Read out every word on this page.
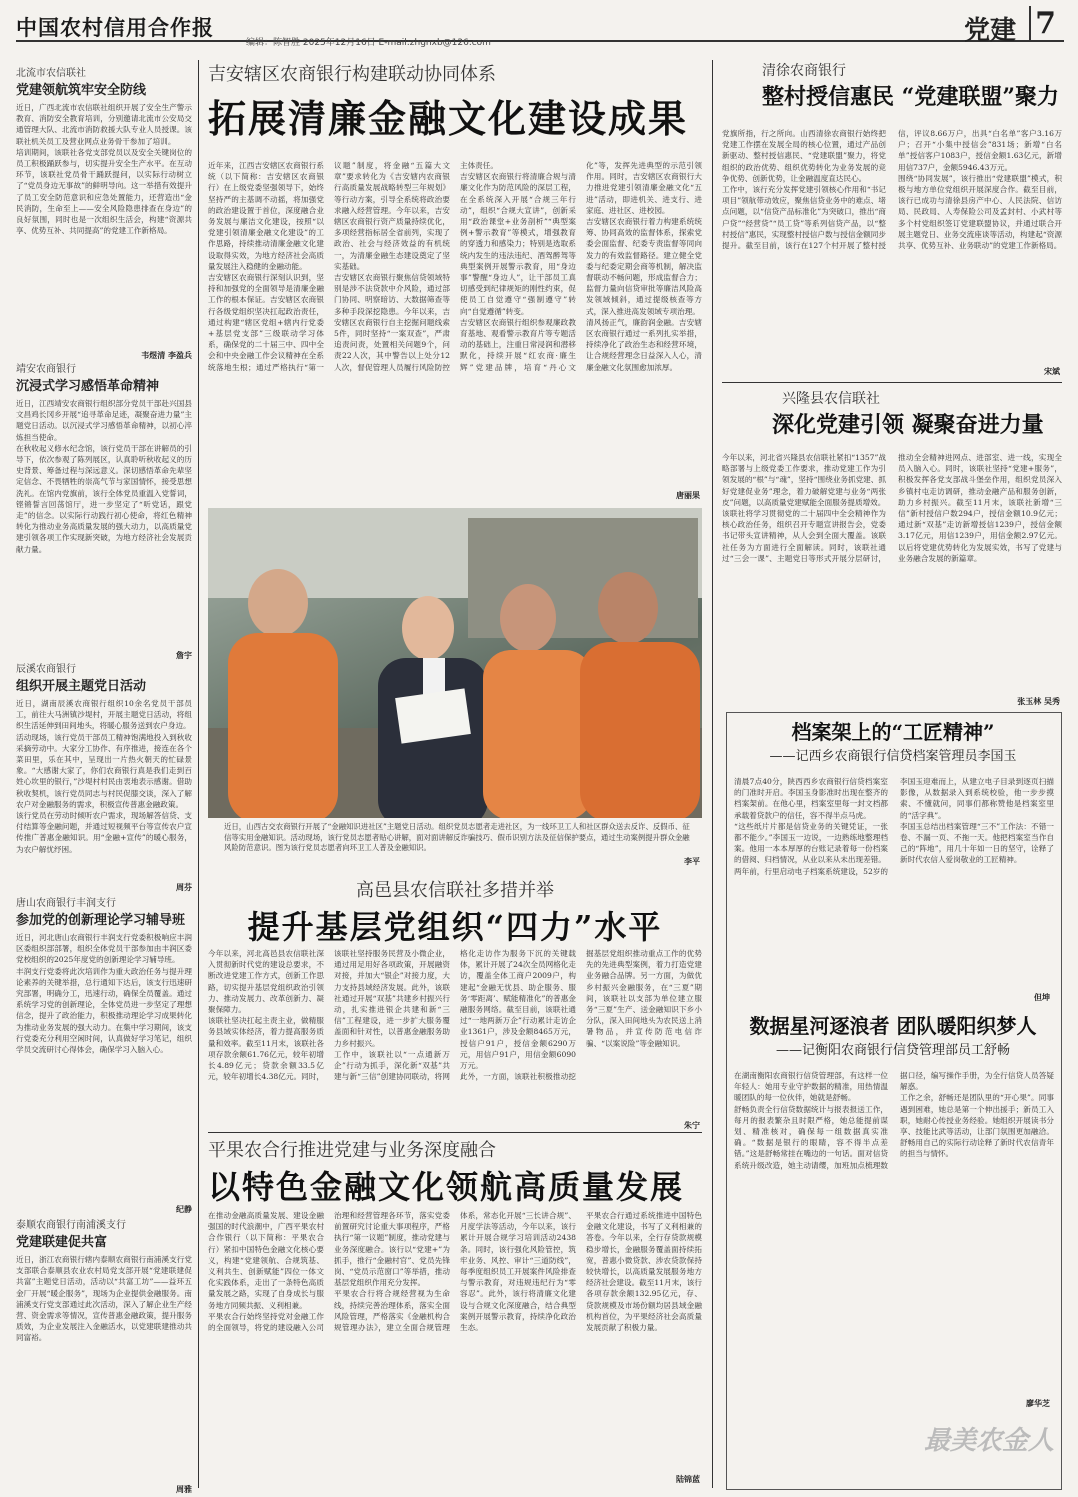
中国农村信用合作报
编辑：陈智胜 2025年12月16日 E-mail:zhgnxb@126.com	党建 7
北流市农信联社
党建领航筑牢安全防线
近日，广西北流市农信联社组织开展了安全生产警示教育、消防安全教育培训，分别邀请北流市公安局交通管理大队、北流市消防救援大队专业人员授课。该联社机关员工及营业网点业务骨干参加了培训。
培训期间，该联社各党支部党员以及安全关键岗位的员工积极踊跃参与，切实提升安全生产水平。在互动环节，该联社党员骨干踊跃提问，以实际行动树立了“党员身边无事故”的鲜明导向。这一举措有效提升了员工安全防范意识和应急处置能力，还营造出“金民消防，生命至上——安全风险隐患排查在身边”的良好氛围，同时也是一次组织生活会，构建“资源共享、优势互补、共同提高”的党建工作新格局。
韦煜清 李盈兵
靖安农商银行
沉浸式学习感悟革命精神
近日，江西靖安农商银行组织部分党员干部赴兴国县文昌鸡长冈乡开展“追寻革命足迹，凝聚奋进力量”主题党日活动。以沉浸式学习感悟革命精神，以初心淬炼担当使命。
在秋收起义修水纪念馆，该行党员干部在讲解员的引导下，依次参观了陈列展区，认真聆听秋收起义的历史背景、筹备过程与深远意义。深切感悟革命先辈坚定信念、不畏牺牲的崇高气节与家国情怀，接受思想洗礼。在馆内党旗前，该行全体党员重温入党誓词，铿锵誓言回荡馆厅，进一步坚定了“听党话，跟党走”的信念。以实际行动践行初心使命，将红色精神转化为推动业务高质量发展的强大动力，以高质量党建引领各项工作实现新突破，为地方经济社会发展贡献力量。
詹宇
辰溪农商银行
组织开展主题党日活动
近日，湖南辰溪农商银行组织10余名党员干部员工，前往大马洲镇沙堤村，开展主题党日活动，将组织生活延伸到田间地头，将暖心服务送到农户身边。
活动现场，该行党员干部员工精神饱满地投入到秋收采摘劳动中。大家分工协作、有序推进，接连在各个菜田里，乐在其中，呈现出一片热火朝天的忙碌景象。“大感谢大家了，你们农商银行真是我们走到百姓心坎里的银行，”沙堤村村民由衷地表示感谢。借助秋收契机，该行党员同志与村民促膝交谈，深入了解农户对金融服务的需求，积极宣传普惠金融政策。
该行党员在劳动时倾听农户需求，现场解答信贷、支付结算等金融问题，并通过短视频平台等宣传农户宣传推广普惠金融知识。用“金融+宣传”的暖心服务，为农户解忧纾困。
周芬
唐山农商银行丰润支行
参加党的创新理论学习辅导班
近日，河北唐山农商银行丰润支行党委积极响应丰润区委组织部部署，组织全体党员干部参加由丰润区委党校组织的2025年度党的创新理论学习辅导班。
丰润支行党委将此次培训作为重大政治任务与提升理论素养的关键举措，总行通知下达后，该支行迅速研究部署，明确分工，迅速行动，确保全员覆盖。通过系统学习党的创新理论，全体党员进一步坚定了理想信念，提升了政治能力，积极推动理论学习成果转化为推动业务发展的强大动力。在集中学习期间，该支行党委充分利用空闲时间，认真做好学习笔记，组织学员交流研讨心得体会，确保学习入脑入心。
纪静
泰顺农商银行南浦溪支行
党建联建促共富
近日，浙江农商银行辖内泰顺农商银行南浦溪支行党支部联合泰顺县农业农村局党支部开展“党建联建促共富”主题党日活动，活动以“共富工坊”——益环五金厂开展“暖企服务”，现场为企业提供金融服务。南浦溪支行党支部通过此次活动，深入了解企业生产经营、资金需求等情况，宣传普惠金融政策，提升服务质效，为企业发展注入金融活水，以党建联建推动共同富裕。
周雅
吉安辖区农商银行构建联动协同体系
拓展清廉金融文化建设成果
近年来，江西吉安辖区农商银行系统（以下简称：吉安辖区农商银行）在上级党委坚强领导下，始终坚持严的主基调不动摇，将加强党的政治建设置于首位，深度融合业务发展与廉洁文化建设，按照“以党建引领清廉金融文化建设”的工作思路，持续推动清廉金融文化建设取得实效，为地方经济社会高质量发展注入稳健的金融动能。
吉安辖区农商银行深刻认识到，坚持和加强党的全面领导是清廉金融工作的根本保证。吉安辖区农商银行各级党组织坚决扛起政治责任，通过构建“辖区党组+辖内行党委+基层党支部”三级联动学习体系，确保党的二十届三中、四中全会和中央金融工作会议精神在全系统落地生根；通过严格执行“第一议题”制度，将金融“五篇大文章”要求转化为《吉安辖内农商银行高质量发展战略转型三年规划》等行动方案，引导全系统将政治要求融入经营管理。今年以来，吉安辖区农商银行资产质量持续优化，多项经营指标居全省前列，实现了政治、社会与经济效益的有机统一，为清廉金融生态建设奠定了坚实基础。
吉安辖区农商银行聚焦信贷领域特别是涉不法贷款中介风险，通过部门协同、明察暗访、大数据筛查等多种手段深挖隐患。今年以来，吉安辖区农商银行自主挖掘问题线索5件，同时坚持“一案双查”，严肃追责问责，处置相关问题9个，问责22人次，其中警告以上处分12人次，督促管理人员履行风险防控主体责任。
吉安辖区农商银行将清廉合规与清廉文化作为防范风险的深层工程，在全系统深入开展“合规三年行动”，组织“合规大宣讲”，创新采用“政治课堂+业务剖析”“典型案例+警示教育”等模式，增强教育的穿透力和感染力；特别是选取系统内发生的违法违纪、酒驾醉驾等典型案例开展警示教育，用“身边事”警醒“身边人”，让干部员工真切感受到纪律规矩的刚性约束，促使员工自觉遵守“强制遵守”转向“自觉遵循”转变。
吉安辖区农商银行组织参观廉政教育基地、观看警示教育片等专题活动的基础上，注重日常浸润和潜移默化，持续开展“红农商·廉生辉”党建品牌，培育“丹心文化”等，发挥先进典型的示范引领作用。同时，吉安辖区农商银行大力推进党建引领清廉金融文化“五进”活动，即进机关、进支行、进家庭、进社区、进校园。
吉安辖区农商银行着力构建系统统筹、协同高效的监督体系，探索党委会面监督、纪委专责监督等同向发力的有效监督路径。建立健全党委与纪委定期会商等机制，解决监督联动不畅问题，形成监督合力；监督力量向信贷审批等廉洁风险高发领域倾斜，通过提级核查等方式，深入推进高发领域专项治理。
清风扬正气，廉韵润金融。吉安辖区农商银行通过一系列扎实举措，持续净化了政治生态和经营环境，让合规经营理念日益深入人心，清廉金融文化氛围愈加浓厚。
唐丽果
近日，山西古交农商银行开展了“金融知识进社区”主题党日活动。组织党员志愿者走进社区，为一线环卫工人和社区群众送去反诈、反假币、征信等实用金融知识。活动现场，该行党员志愿者贴心讲解，面对面讲解反诈骗技巧、假币识别方法及征信保护要点，通过生动案例提升群众金融风险防范意识。图为该行党员志愿者向环卫工人普及金融知识。
李平
高邑县农信联社多措并举
提升基层党组织“四力”水平
今年以来，河北高邑县农信联社深入贯彻新时代党的建设总要求，不断改进党建工作方式，创新工作思路，切实提升基层党组织政治引领力、推动发展力、改革创新力、凝聚保障力。
该联社坚决扛起主责主业，做精服务县域实体经济，着力提高服务质量和效率。截至11月末，该联社各项存款余额61.76亿元，较年初增长4.89亿元；贷款余额33.5亿元，较年初增长4.38亿元。同时，该联社坚持服务民营及小微企业，通过用足用好各项政策，开展融资对接，并加大“银企”对接力度，大力支持县域经济发展。此外，该联社通过开展“双基”共建乡村振兴行动，扎实推进银企共建和新“三信”工程建设，进一步扩大服务覆盖面和针对性，以普惠金融服务助力乡村振兴。
工作中，该联社以“一点通新万企”行动为抓手，深化新“双基”共建与新“三信”创建协同联动，将网格化走访作为服务下沉的关键载体，累计开展了24次全员网格化走访，覆盖全体工商户2009户，构建起“金融无忧县、助企服务、服务‘零距离’、赋能精准化”的普惠金融服务网络。截至目前，该联社通过“一地两新万企”行动累计走访企业1361户，涉及金额8465万元，授信户91户，授信金额6290万元，用信户91户，用信金额6090万元。
此外，一方面，该联社积极推动挖掘基层党组织推动重点工作的优势先的先进典型案例，着力打造党建业务融合品牌。另一方面，为做优乡村振兴金融服务，在“三夏”期间，该联社以支部为单位建立服务“三夏”生产、送金融知识下乡小分队，深入田间地头为农民送上消暑物品，并宣传防范电信诈骗、“以案说险”等金融知识。
朱宁
平果农合行推进党建与业务深度融合
以特色金融文化领航高质量发展
在推动金融高质量发展、建设金融强国的时代浪潮中，广西平果农村合作银行（以下简称：平果农合行）紧扣中国特色金融文化核心要义，构建“党建领航、合规筑基、义利共生、创新赋能”四位一体文化实践体系，走出了一条特色高质量发展之路，实现了自身成长与服务地方同频共振、义利相兼。
平果农合行始终坚持党对金融工作的全面领导，将党的建设融入公司治理和经营管理各环节，落实党委前置研究讨论重大事项程序，严格执行“第一议题”制度，推动党建与业务深度融合。该行以“党建+”为抓手，推行“金融村官”、党员先锋岗、“党员示范窗口”等举措，推动基层党组织作用充分发挥。
平果农合行将合规经营视为生命线，持续完善治理体系，落实全面风险管理，严格落实《金融机构合规管理办法》，建立全面合规管理体系，常态化开展“三长讲合规”、月度学法等活动，今年以来，该行累计开展合规学习培训活动2438条。同时，该行强化风险管控，筑牢业务、风控、审计“三道防线”，每季度组织员工开展案件风险排查与警示教育，对违规违纪行为“零容忍”。此外，该行将清廉文化建设与合规文化深度融合，结合典型案例开展警示教育，持续净化政治生态。
平果农合行通过系统推进中国特色金融文化建设，书写了义利相兼的答卷。今年以来，全行存贷款规模稳步增长，金融服务覆盖面持续拓宽，普惠小微贷款、涉农贷款保持较快增长，以高质量发展服务地方经济社会建设。截至11月末，该行各项存款余额132.95亿元，存、贷款规模及市场份额均居县域金融机构首位，为平果经济社会高质量发展贡献了积极力量。
陆锦蓝
清徐农商银行
整村授信惠民 “党建联盟”聚力
党旗所指，行之所向。山西清徐农商银行始终把党建工作摆在发展全局的核心位置，通过产品创新驱动、整村授信惠民、“党建联盟”聚力，将党组织的政治优势、组织优势转化为业务发展的竞争优势、创新优势，让金融温度直达民心。
工作中，该行充分发挥党建引领核心作用和“书记项目”领航带动效应，聚焦信贷业务中的难点、堵点问题，以“信贷产品标准化”为突破口，推出“商户贷”“经营贷”“员工贷”等系列信贷产品，以“整村授信”惠民，实现整村授信户数与授信金额同步提升。截至目前，该行在127个村开展了整村授信，评议8.66万户，出具“白名单”客户3.16万户；召开“小集中授信会”831场；新增“白名单”授信客户1083户，授信金额1.63亿元，新增用信737户，金额5946.43万元。
围绕“协同发展”，该行推出“党建联盟”模式，积极与地方单位党组织开展深度合作。截至目前，该行已成功与清徐县房产中心、人民法院、信访局、民政局、人寿保险公司及孟封村、小武村等多个村党组织签订党建联盟协议，并通过联合开展主题党日、业务交流座谈等活动，构建起“资源共享、优势互补、业务联动”的党建工作新格局。
宋斌
兴隆县农信联社
深化党建引领 凝聚奋进力量
今年以来，河北省兴隆县农信联社紧扣“1357”战略部署与上级党委工作要求，推动党建工作为引领发展的“根”与“魂”，坚持“围绕业务抓党建、抓好党建促业务”理念，着力破解党建与业务“两张皮”问题，以高质量党建赋能全面服务提质增效。
该联社将学习贯彻党的二十届四中全会精神作为核心政治任务，组织召开专题宣讲报告会，党委书记带头宣讲精神，从人会到全面大覆盖。该联社任务为方面进行全面解读。同时，该联社通过“三会一课”、主题党日等形式开展分层研讨，推动全会精神进网点、进部室、进一线，实现全员入脑入心。同时，该联社坚持“党建+服务”，积极发挥各党支部战斗堡垒作用，组织党员深入乡镇村屯走访调研，推动金融产品和服务创新，助力乡村振兴。截至11月末，该联社新增“三信”新村授信户数294户，授信金额10.9亿元；通过新“双基”走访新增授信1239户，授信金额3.17亿元，用信1239户，用信金额2.97亿元。以后将党建优势转化为发展实效，书写了党建与业务融合发展的新篇章。
张玉林 吴秀
档案架上的“工匠精神”
——记西乡农商银行信贷档案管理员李国玉
清晨7点40分，陕西西乡农商银行信贷档案室的门准时开启。李国玉身影准时出现在整齐的档案架前。在他心里，档案室里每一封文档都承载着贷款户的信任，容不得半点马虎。
“这些纸片片都是信贷业务的关键凭证，一张都不能少。”李国玉一边说，一边熟练地整理档案。他用一本本厚厚的台账记录着每一份档案的借阅、归档情况，从业以来从未出现差错。
两年前，行里启动电子档案系统建设，52岁的李国玉迎难而上，从建立电子目录到逐页扫描影像，从数据录入到系统校验，他一步步摸索、不懂就问，同事们都称赞他是档案室里的“活字典”。
李国玉总结出档案管理“三不”工作法：不错一卷、不漏一页、不拖一天。他把档案室当作自己的“阵地”，用几十年如一日的坚守，诠释了新时代农信人爱岗敬业的工匠精神。
但坤
数据星河逐浪者 团队暖阳织梦人
——记衡阳农商银行信贷管理部员工舒畅
在湖南衡阳农商银行信贷管理部，有这样一位年轻人：她用专业守护数据的精准，用热情温暖团队的每一位伙伴，她就是舒畅。
舒畅负责全行信贷数据统计与报表报送工作，每月的报表繁杂且时限严格，她总能提前谋划、精准核对，确保每一组数据真实准确。“数据是银行的眼睛，容不得半点差错。”这是舒畅常挂在嘴边的一句话。面对信贷系统升级改造，她主动请缨，加班加点梳理数据口径，编写操作手册，为全行信贷人员答疑解惑。
工作之余，舒畅还是团队里的“开心果”。同事遇到困难，她总是第一个伸出援手；新员工入职，她耐心传授业务经验。她组织开展读书分享、技能比武等活动，让部门氛围更加融洽。舒畅用自己的实际行动诠释了新时代农信青年的担当与情怀。
廖华芝
最美农金人
